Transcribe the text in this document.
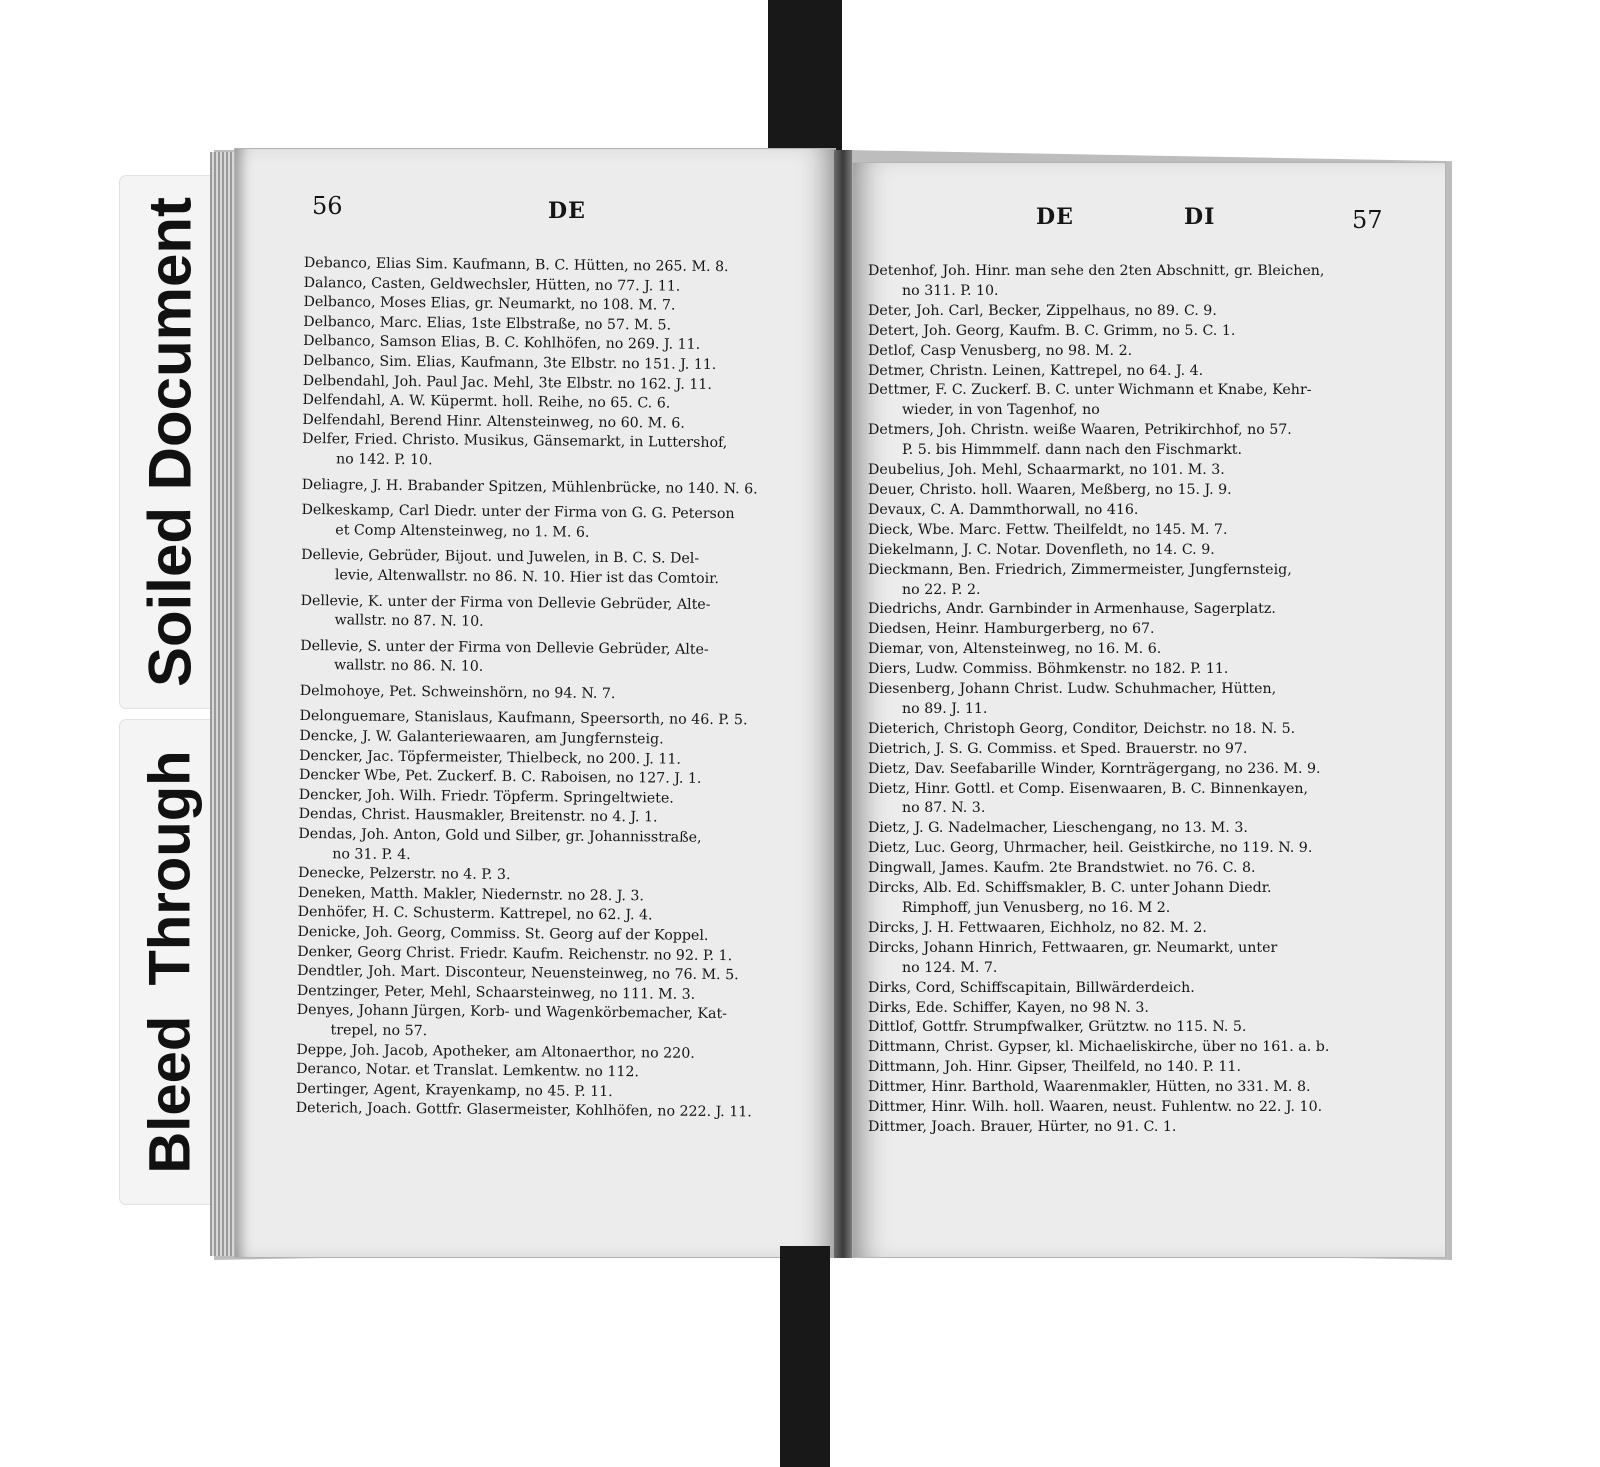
Soiled Document
Bleed Through
56	DE	DE	DI	57
Debanco, Elias Sim. Kaufmann, B. C. Hütten, no 265. M. 8.
Dalanco, Casten, Geldwechsler, Hütten, no 77. J. 11.
Delbanco, Moses Elias, gr. Neumarkt, no 108. M. 7.
Delbanco, Marc. Elias, 1ste Elbstraße, no 57. M. 5.
Delbanco, Samson Elias, B. C. Kohlhöfen, no 269. J. 11.
Delbanco, Sim. Elias, Kaufmann, 3te Elbstr. no 151. J. 11.
Delbendahl, Joh. Paul Jac. Mehl, 3te Elbstr. no 162. J. 11.
Delfendahl, A. W. Küpermt. holl. Reihe, no 65. C. 6.
Delfendahl, Berend Hinr. Altensteinweg, no 60. M. 6.
Delfer, Fried. Christo. Musikus, Gänsemarkt, in Luttershof,
no 142. P. 10.
Deliagre, J. H. Brabander Spitzen, Mühlenbrücke, no 140. N. 6.
Delkeskamp, Carl Diedr. unter der Firma von G. G. Peterson
et Comp Altensteinweg, no 1. M. 6.
Dellevie, Gebrüder, Bijout. und Juwelen, in B. C. S. Del-
levie, Altenwallstr. no 86. N. 10. Hier ist das Comtoir.
Dellevie, K. unter der Firma von Dellevie Gebrüder, Alte-
wallstr. no 87. N. 10.
Dellevie, S. unter der Firma von Dellevie Gebrüder, Alte-
wallstr. no 86. N. 10.
Delmohoye, Pet. Schweinshörn, no 94. N. 7.
Delonguemare, Stanislaus, Kaufmann, Speersorth, no 46. P. 5.
Dencke, J. W. Galanteriewaaren, am Jungfernsteig.
Dencker, Jac. Töpfermeister, Thielbeck, no 200. J. 11.
Dencker Wbe, Pet. Zuckerf. B. C. Raboisen, no 127. J. 1.
Dencker, Joh. Wilh. Friedr. Töpferm. Springeltwiete.
Dendas, Christ. Hausmakler, Breitenstr. no 4. J. 1.
Dendas, Joh. Anton, Gold und Silber, gr. Johannisstraße,
no 31. P. 4.
Denecke, Pelzerstr. no 4. P. 3.
Deneken, Matth. Makler, Niedernstr. no 28. J. 3.
Denhöfer, H. C. Schusterm. Kattrepel, no 62. J. 4.
Denicke, Joh. Georg, Commiss. St. Georg auf der Koppel.
Denker, Georg Christ. Friedr. Kaufm. Reichenstr. no 92. P. 1.
Dendtler, Joh. Mart. Disconteur, Neuensteinweg, no 76. M. 5.
Dentzinger, Peter, Mehl, Schaarsteinweg, no 111. M. 3.
Denyes, Johann Jürgen, Korb- und Wagenkörbemacher, Kat-
trepel, no 57.
Deppe, Joh. Jacob, Apotheker, am Altonaerthor, no 220.
Deranco, Notar. et Translat. Lemkentw. no 112.
Dertinger, Agent, Krayenkamp, no 45. P. 11.
Deterich, Joach. Gottfr. Glasermeister, Kohlhöfen, no 222. J. 11.
Detenhof, Joh. Hinr. man sehe den 2ten Abschnitt, gr. Bleichen,
no 311. P. 10.
Deter, Joh. Carl, Becker, Zippelhaus, no 89. C. 9.
Detert, Joh. Georg, Kaufm. B. C. Grimm, no 5. C. 1.
Detlof, Casp Venusberg, no 98. M. 2.
Detmer, Christn. Leinen, Kattrepel, no 64. J. 4.
Dettmer, F. C. Zuckerf. B. C. unter Wichmann et Knabe, Kehr-
wieder, in von Tagenhof, no
Detmers, Joh. Christn. weiße Waaren, Petrikirchhof, no 57.
P. 5. bis Himmmelf. dann nach den Fischmarkt.
Deubelius, Joh. Mehl, Schaarmarkt, no 101. M. 3.
Deuer, Christo. holl. Waaren, Meßberg, no 15. J. 9.
Devaux, C. A. Dammthorwall, no 416.
Dieck, Wbe. Marc. Fettw. Theilfeldt, no 145. M. 7.
Diekelmann, J. C. Notar. Dovenfleth, no 14. C. 9.
Dieckmann, Ben. Friedrich, Zimmermeister, Jungfernsteig,
no 22. P. 2.
Diedrichs, Andr. Garnbinder in Armenhause, Sagerplatz.
Diedsen, Heinr. Hamburgerberg, no 67.
Diemar, von, Altensteinweg, no 16. M. 6.
Diers, Ludw. Commiss. Böhmkenstr. no 182. P. 11.
Diesenberg, Johann Christ. Ludw. Schuhmacher, Hütten,
no 89. J. 11.
Dieterich, Christoph Georg, Conditor, Deichstr. no 18. N. 5.
Dietrich, J. S. G. Commiss. et Sped. Brauerstr. no 97.
Dietz, Dav. Seefabarille Winder, Kornträgergang, no 236. M. 9.
Dietz, Hinr. Gottl. et Comp. Eisenwaaren, B. C. Binnenkayen,
no 87. N. 3.
Dietz, J. G. Nadelmacher, Lieschengang, no 13. M. 3.
Dietz, Luc. Georg, Uhrmacher, heil. Geistkirche, no 119. N. 9.
Dingwall, James. Kaufm. 2te Brandstwiet. no 76. C. 8.
Dircks, Alb. Ed. Schiffsmakler, B. C. unter Johann Diedr.
Rimphoff, jun Venusberg, no 16. M 2.
Dircks, J. H. Fettwaaren, Eichholz, no 82. M. 2.
Dircks, Johann Hinrich, Fettwaaren, gr. Neumarkt, unter
no 124. M. 7.
Dirks, Cord, Schiffscapitain, Billwärderdeich.
Dirks, Ede. Schiffer, Kayen, no 98 N. 3.
Dittlof, Gottfr. Strumpfwalker, Grütztw. no 115. N. 5.
Dittmann, Christ. Gypser, kl. Michaeliskirche, über no 161. a. b.
Dittmann, Joh. Hinr. Gipser, Theilfeld, no 140. P. 11.
Dittmer, Hinr. Barthold, Waarenmakler, Hütten, no 331. M. 8.
Dittmer, Hinr. Wilh. holl. Waaren, neust. Fuhlentw. no 22. J. 10.
Dittmer, Joach. Brauer, Hürter, no 91. C. 1.
